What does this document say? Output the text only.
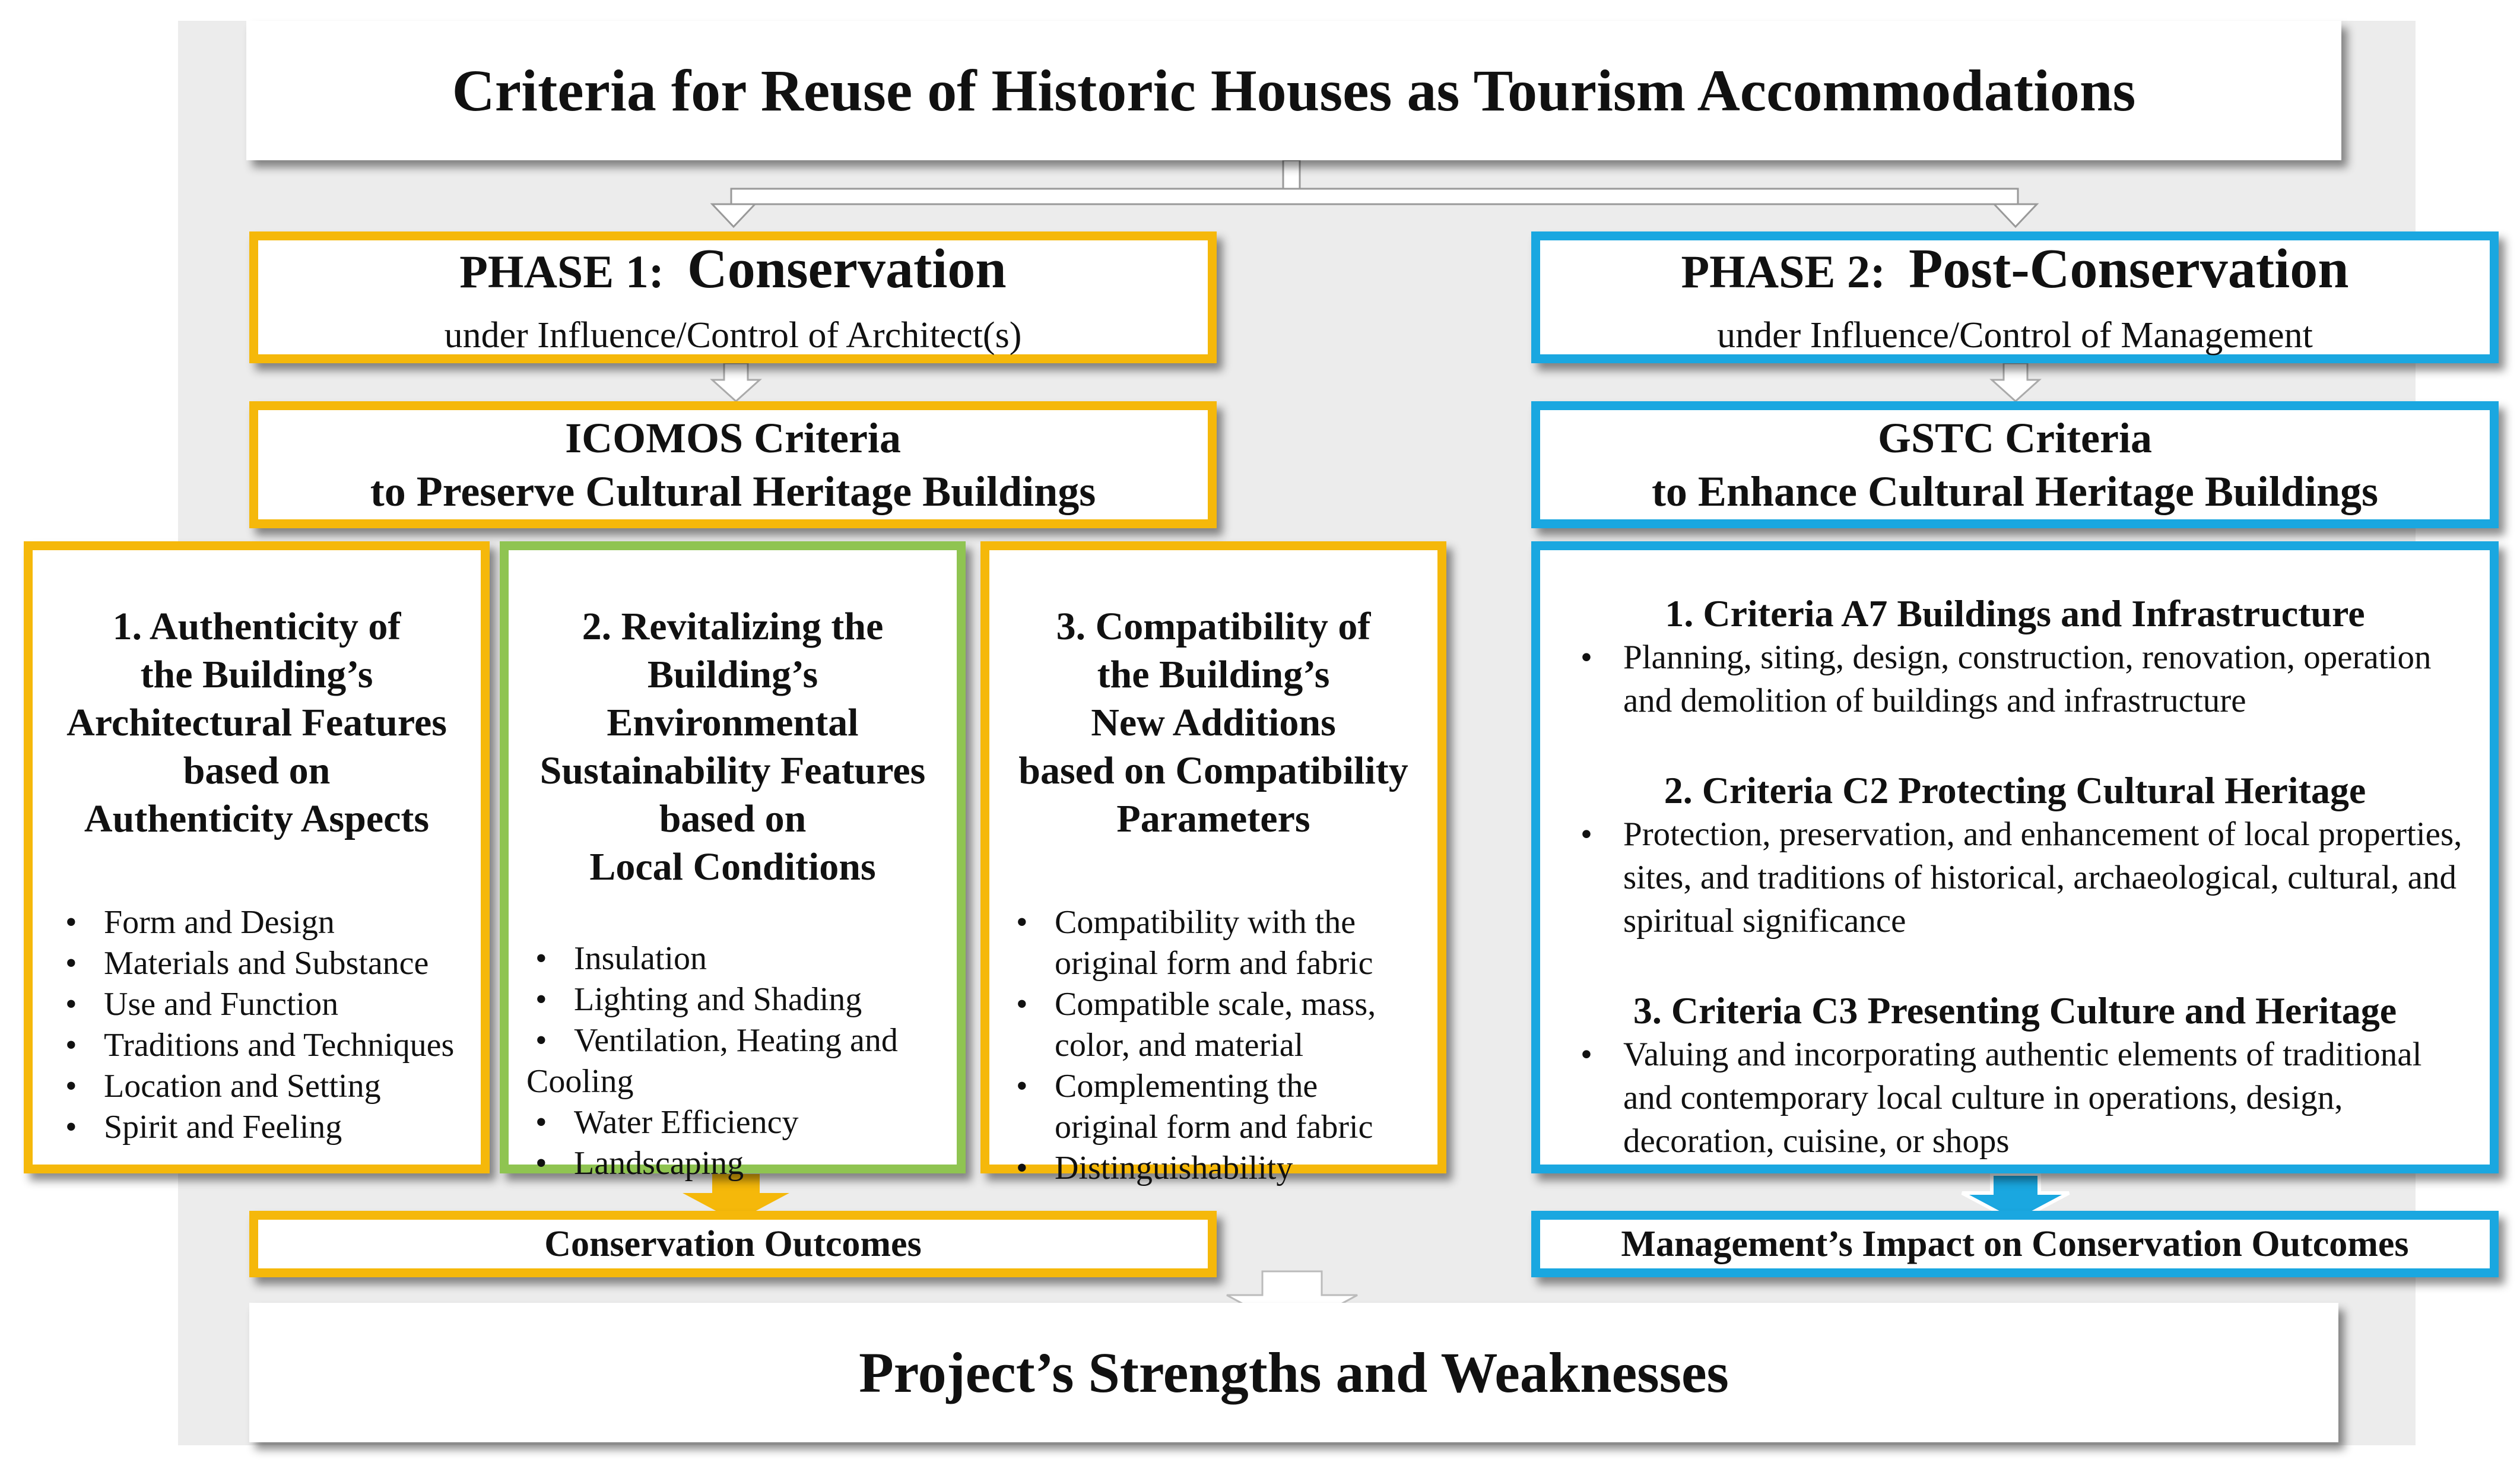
Criteria for Reuse of Historic Houses as Tourism Accommodations
PHASE 1: Conservation
under Influence/Control of Architect(s)
PHASE 2: Post-Conservation
under Influence/Control of Management
ICOMOS Criteria
to Preserve Cultural Heritage Buildings
GSTC Criteria
to Enhance Cultural Heritage Buildings
1. Authenticity of
the Building’s
Architectural Features
based on
Authenticity Aspects
• Form and Design
• Materials and Substance
• Use and Function
• Traditions and Techniques
• Location and Setting
• Spirit and Feeling
2. Revitalizing the
Building’s
Environmental
Sustainability Features
based on
Local Conditions
• Insulation
• Lighting and Shading
• Ventilation, Heating and Cooling
• Water Efficiency
• Landscaping
3. Compatibility of
the Building’s
New Additions
based on Compatibility
Parameters
• Compatibility with the original form and fabric
• Compatible scale, mass, color, and material
• Complementing the original form and fabric
• Distinguishability
1. Criteria A7 Buildings and Infrastructure
• Planning, siting, design, construction, renovation, operation and demolition of buildings and infrastructure
2. Criteria C2 Protecting Cultural Heritage
• Protection, preservation, and enhancement of local properties, sites, and traditions of historical, archaeological, cultural, and spiritual significance
3. Criteria C3 Presenting Culture and Heritage
• Valuing and incorporating authentic elements of traditional and contemporary local culture in operations, design, decoration, cuisine, or shops
Conservation Outcomes	Management’s Impact on Conservation Outcomes
Project’s Strengths and Weaknesses
